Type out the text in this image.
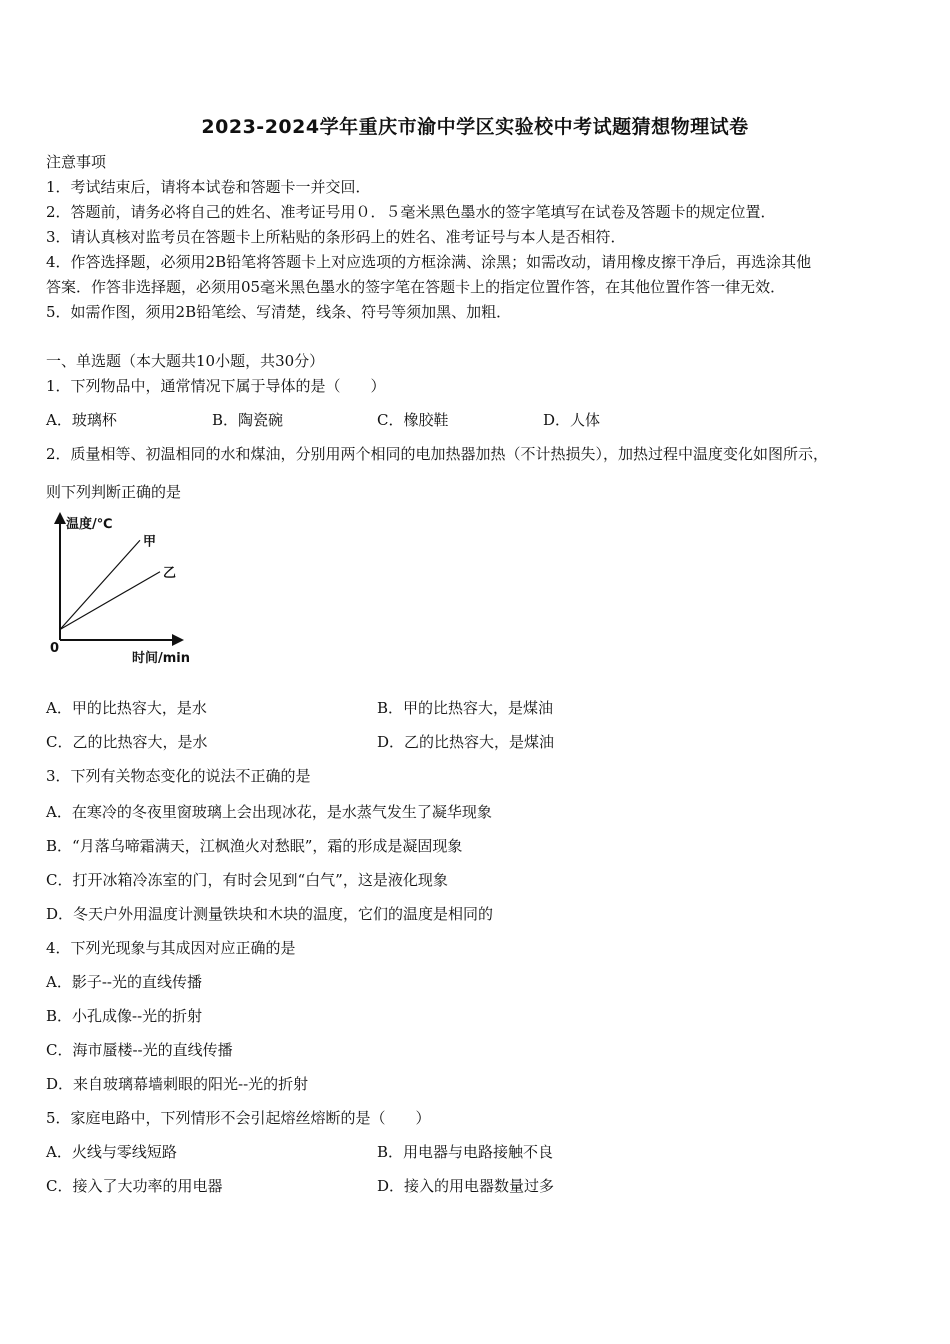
2023-2024学年重庆市渝中学区实验校中考试题猜想物理试卷
注意事项
1．考试结束后，请将本试卷和答题卡一并交回．
2．答题前，请务必将自己的姓名、准考证号用０．５毫米黑色墨水的签字笔填写在试卷及答题卡的规定位置．
3．请认真核对监考员在答题卡上所粘贴的条形码上的姓名、准考证号与本人是否相符．
4．作答选择题，必须用2B铅笔将答题卡上对应选项的方框涂满、涂黑；如需改动，请用橡皮擦干净后，再选涂其他
答案．作答非选择题，必须用05毫米黑色墨水的签字笔在答题卡上的指定位置作答，在其他位置作答一律无效．
5．如需作图，须用2B铅笔绘、写清楚，线条、符号等须加黑、加粗．
一、单选题（本大题共10小题，共30分）
1．下列物品中，通常情况下属于导体的是（　　）
A．玻璃杯	B．陶瓷碗	C．橡胶鞋	D．人体
2．质量相等、初温相同的水和煤油，分别用两个相同的电加热器加热（不计热损失），加热过程中温度变化如图所示，
则下列判断正确的是
温度/℃
甲
乙
0
时间/min
A．甲的比热容大，是水	B．甲的比热容大，是煤油
C．乙的比热容大，是水	D．乙的比热容大，是煤油
3．下列有关物态变化的说法不正确的是
A．在寒冷的冬夜里窗玻璃上会出现冰花，是水蒸气发生了凝华现象
B．“月落乌啼霜满天，江枫渔火对愁眠”，霜的形成是凝固现象
C．打开冰箱冷冻室的门，有时会见到“白气”，这是液化现象
D．冬天户外用温度计测量铁块和木块的温度，它们的温度是相同的
4．下列光现象与其成因对应正确的是
A．影子--光的直线传播
B．小孔成像--光的折射
C．海市蜃楼--光的直线传播
D．来自玻璃幕墙刺眼的阳光--光的折射
5．家庭电路中，下列情形不会引起熔丝熔断的是（　　）
A．火线与零线短路	B．用电器与电路接触不良
C．接入了大功率的用电器	D．接入的用电器数量过多
